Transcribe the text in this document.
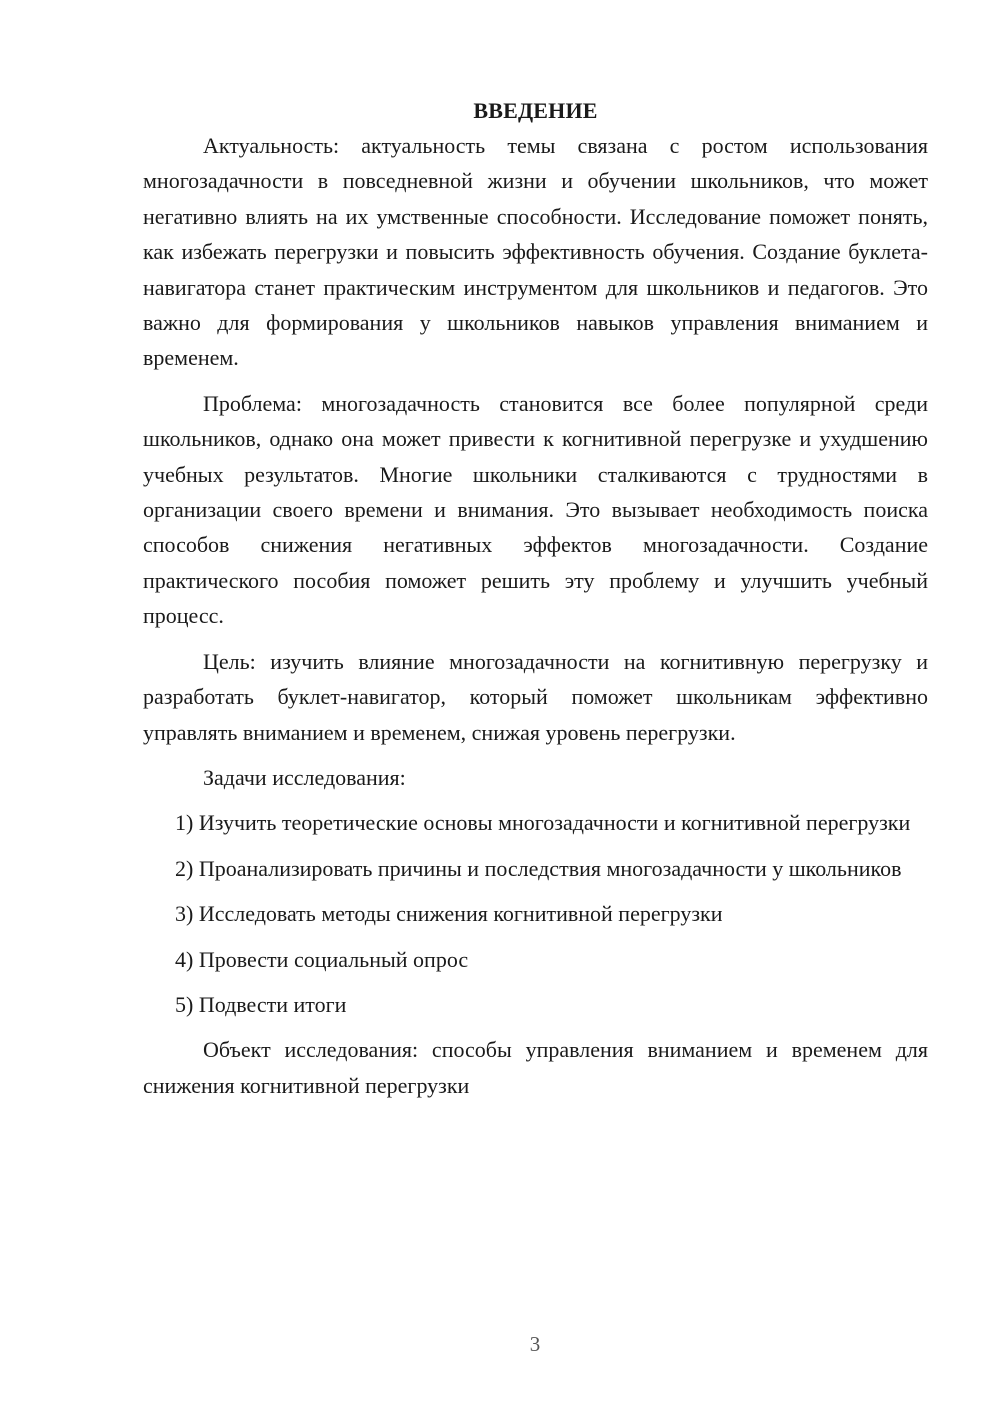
ВВЕДЕНИЕ

Актуальность: актуальность темы связана с ростом использования многозадачности в повседневной жизни и обучении школьников, что может негативно влиять на их умственные способности. Исследование поможет понять, как избежать перегрузки и повысить эффективность обучения. Создание буклета-навигатора станет практическим инструментом для школьников и педагогов. Это важно для формирования у школьников навыков управления вниманием и временем.

Проблема: многозадачность становится все более популярной среди школьников, однако она может привести к когнитивной перегрузке и ухудшению учебных результатов. Многие школьники сталкиваются с трудностями в организации своего времени и внимания. Это вызывает необходимость поиска способов снижения негативных эффектов многозадачности. Создание практического пособия поможет решить эту проблему и улучшить учебный процесс.

Цель: изучить влияние многозадачности на когнитивную перегрузку и разработать буклет-навигатор, который поможет школьникам эффективно управлять вниманием и временем, снижая уровень перегрузки.

Задачи исследования:

1) Изучить теоретические основы многозадачности и когнитивной перегрузки

2) Проанализировать причины и последствия многозадачности у школьников

3) Исследовать методы снижения когнитивной перегрузки

4) Провести социальный опрос

5) Подвести итоги

Объект исследования: способы управления вниманием и временем для снижения когнитивной перегрузки

3
